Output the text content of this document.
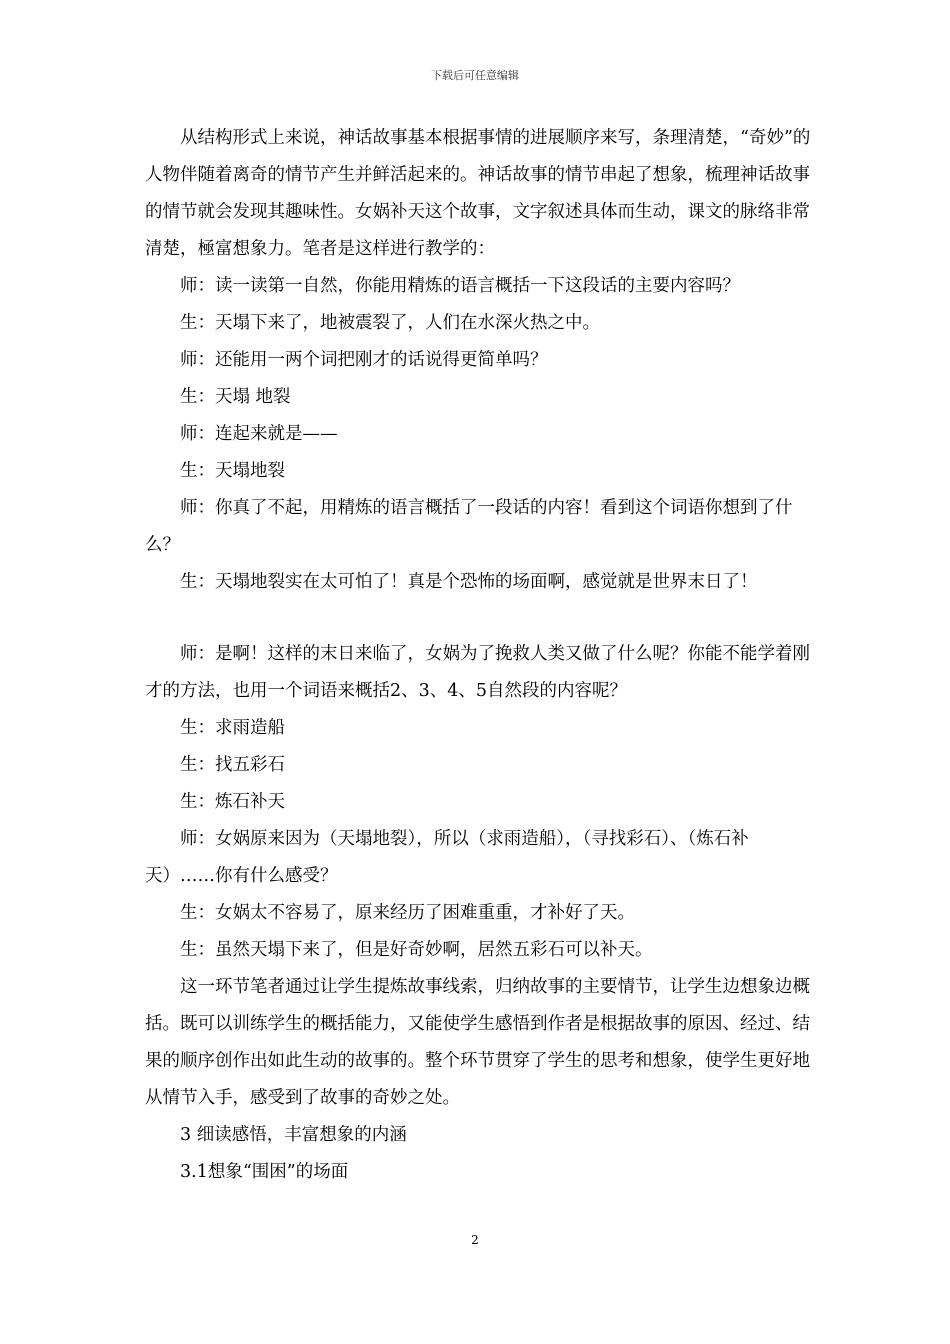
下载后可任意编辑

从结构形式上来说，神话故事基本根据事情的进展顺序来写，条理清楚，“奇妙”的人物伴随着离奇的情节产生并鲜活起来的。神话故事的情节串起了想象，梳理神话故事的情节就会发现其趣味性。女娲补天这个故事，文字叙述具体而生动，课文的脉络非常清楚，極富想象力。笔者是这样进行教学的：

师：读一读第一自然，你能用精炼的语言概括一下这段话的主要内容吗？

生：天塌下来了，地被震裂了，人们在水深火热之中。

师：还能用一两个词把刚才的话说得更简单吗？

生：天塌 地裂

师：连起来就是——

生：天塌地裂

师：你真了不起，用精炼的语言概括了一段话的内容！看到这个词语你想到了什么？

生：天塌地裂实在太可怕了！真是个恐怖的场面啊，感觉就是世界末日了！

师：是啊！这样的末日来临了，女娲为了挽救人类又做了什么呢？你能不能学着刚才的方法，也用一个词语来概括2、3、4、5自然段的内容呢？

生：求雨造船

生：找五彩石

生：炼石补天

师：女娲原来因为（天塌地裂），所以（求雨造船），（寻找彩石）、（炼石补天）……你有什么感受？

生：女娲太不容易了，原来经历了困难重重，才补好了天。

生：虽然天塌下来了，但是好奇妙啊，居然五彩石可以补天。

这一环节笔者通过让学生提炼故事线索，归纳故事的主要情节，让学生边想象边概括。既可以训练学生的概括能力，又能使学生感悟到作者是根据故事的原因、经过、结果的顺序创作出如此生动的故事的。整个环节贯穿了学生的思考和想象，使学生更好地从情节入手，感受到了故事的奇妙之处。

3 细读感悟，丰富想象的内涵

3.1想象“围困”的场面

2
